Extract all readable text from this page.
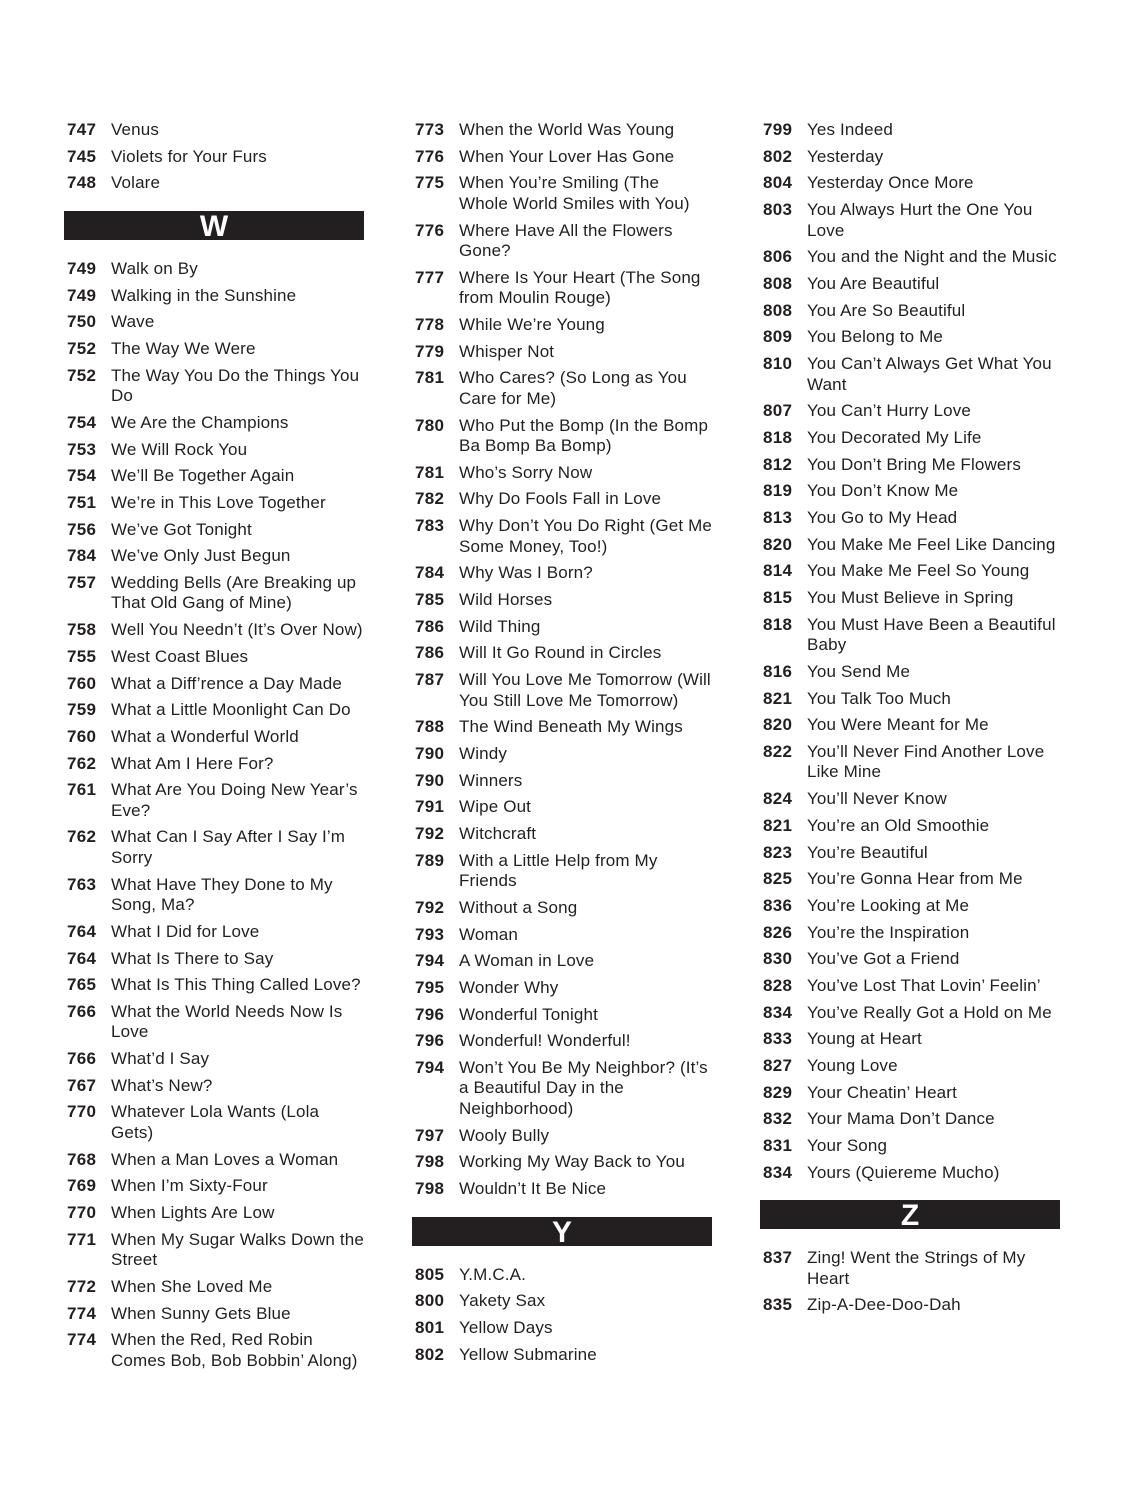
747 Venus
745 Violets for Your Furs
748 Volare
W
749 Walk on By
749 Walking in the Sunshine
750 Wave
752 The Way We Were
752 The Way You Do the Things You Do
754 We Are the Champions
753 We Will Rock You
754 We’ll Be Together Again
751 We’re in This Love Together
756 We’ve Got Tonight
784 We’ve Only Just Begun
757 Wedding Bells (Are Breaking up That Old Gang of Mine)
758 Well You Needn’t (It’s Over Now)
755 West Coast Blues
760 What a Diff’rence a Day Made
759 What a Little Moonlight Can Do
760 What a Wonderful World
762 What Am I Here For?
761 What Are You Doing New Year’s Eve?
762 What Can I Say After I Say I’m Sorry
763 What Have They Done to My Song, Ma?
764 What I Did for Love
764 What Is There to Say
765 What Is This Thing Called Love?
766 What the World Needs Now Is Love
766 What’d I Say
767 What’s New?
770 Whatever Lola Wants (Lola Gets)
768 When a Man Loves a Woman
769 When I’m Sixty-Four
770 When Lights Are Low
771 When My Sugar Walks Down the Street
772 When She Loved Me
774 When Sunny Gets Blue
774 When the Red, Red Robin Comes Bob, Bob Bobbin’ Along)
773 When the World Was Young
776 When Your Lover Has Gone
775 When You’re Smiling (The Whole World Smiles with You)
776 Where Have All the Flowers Gone?
777 Where Is Your Heart (The Song from Moulin Rouge)
778 While We’re Young
779 Whisper Not
781 Who Cares? (So Long as You Care for Me)
780 Who Put the Bomp (In the Bomp Ba Bomp Ba Bomp)
781 Who’s Sorry Now
782 Why Do Fools Fall in Love
783 Why Don’t You Do Right (Get Me Some Money, Too!)
784 Why Was I Born?
785 Wild Horses
786 Wild Thing
786 Will It Go Round in Circles
787 Will You Love Me Tomorrow (Will You Still Love Me Tomorrow)
788 The Wind Beneath My Wings
790 Windy
790 Winners
791 Wipe Out
792 Witchcraft
789 With a Little Help from My Friends
792 Without a Song
793 Woman
794 A Woman in Love
795 Wonder Why
796 Wonderful Tonight
796 Wonderful! Wonderful!
794 Won’t You Be My Neighbor? (It’s a Beautiful Day in the Neighborhood)
797 Wooly Bully
798 Working My Way Back to You
798 Wouldn’t It Be Nice
Y
805 Y.M.C.A.
800 Yakety Sax
801 Yellow Days
802 Yellow Submarine
799 Yes Indeed
802 Yesterday
804 Yesterday Once More
803 You Always Hurt the One You Love
806 You and the Night and the Music
808 You Are Beautiful
808 You Are So Beautiful
809 You Belong to Me
810 You Can’t Always Get What You Want
807 You Can’t Hurry Love
818 You Decorated My Life
812 You Don’t Bring Me Flowers
819 You Don’t Know Me
813 You Go to My Head
820 You Make Me Feel Like Dancing
814 You Make Me Feel So Young
815 You Must Believe in Spring
818 You Must Have Been a Beautiful Baby
816 You Send Me
821 You Talk Too Much
820 You Were Meant for Me
822 You’ll Never Find Another Love Like Mine
824 You’ll Never Know
821 You’re an Old Smoothie
823 You’re Beautiful
825 You’re Gonna Hear from Me
836 You’re Looking at Me
826 You’re the Inspiration
830 You’ve Got a Friend
828 You’ve Lost That Lovin’ Feelin’
834 You’ve Really Got a Hold on Me
833 Young at Heart
827 Young Love
829 Your Cheatin’ Heart
832 Your Mama Don’t Dance
831 Your Song
834 Yours (Quiereme Mucho)
Z
837 Zing! Went the Strings of My Heart
835 Zip-A-Dee-Doo-Dah
